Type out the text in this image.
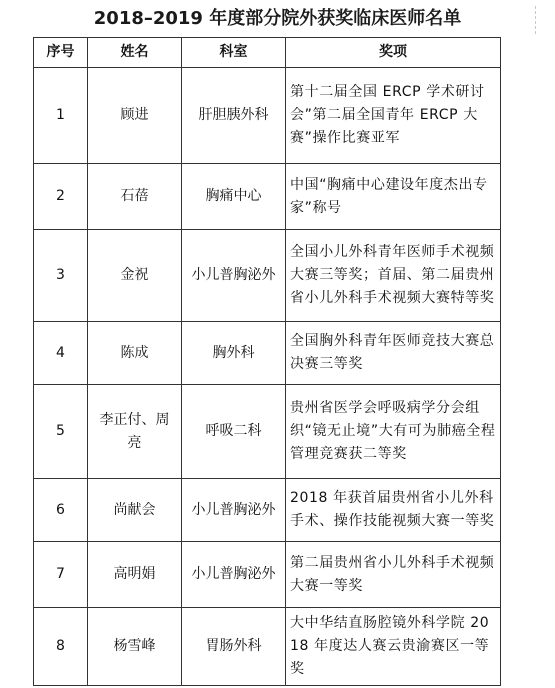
2018–2019 年度部分院外获奖临床医师名单
序号	姓名	科室	奖项
1	顾进	肝胆胰外科	第十二届全国 ERCP 学术研讨会”第二届全国青年 ERCP 大赛”操作比赛亚军
2	石蓓	胸痛中心	中国“胸痛中心建设年度杰出专家”称号
3	金祝	小儿普胸泌外	全国小儿外科青年医师手术视频大赛三等奖；首届、第二届贵州省小儿外科手术视频大赛特等奖
4	陈成	胸外科	全国胸外科青年医师竞技大赛总决赛三等奖
5	李正付、周亮	呼吸二科	贵州省医学会呼吸病学分会组织“镜无止境”大有可为肺癌全程管理竞赛获二等奖
6	尚献会	小儿普胸泌外	2018 年获首届贵州省小儿外科手术、操作技能视频大赛一等奖
7	高明娟	小儿普胸泌外	第二届贵州省小儿外科手术视频大赛一等奖
8	杨雪峰	胃肠外科	大中华结直肠腔镜外科学院 2018 年度达人赛云贵渝赛区一等奖
